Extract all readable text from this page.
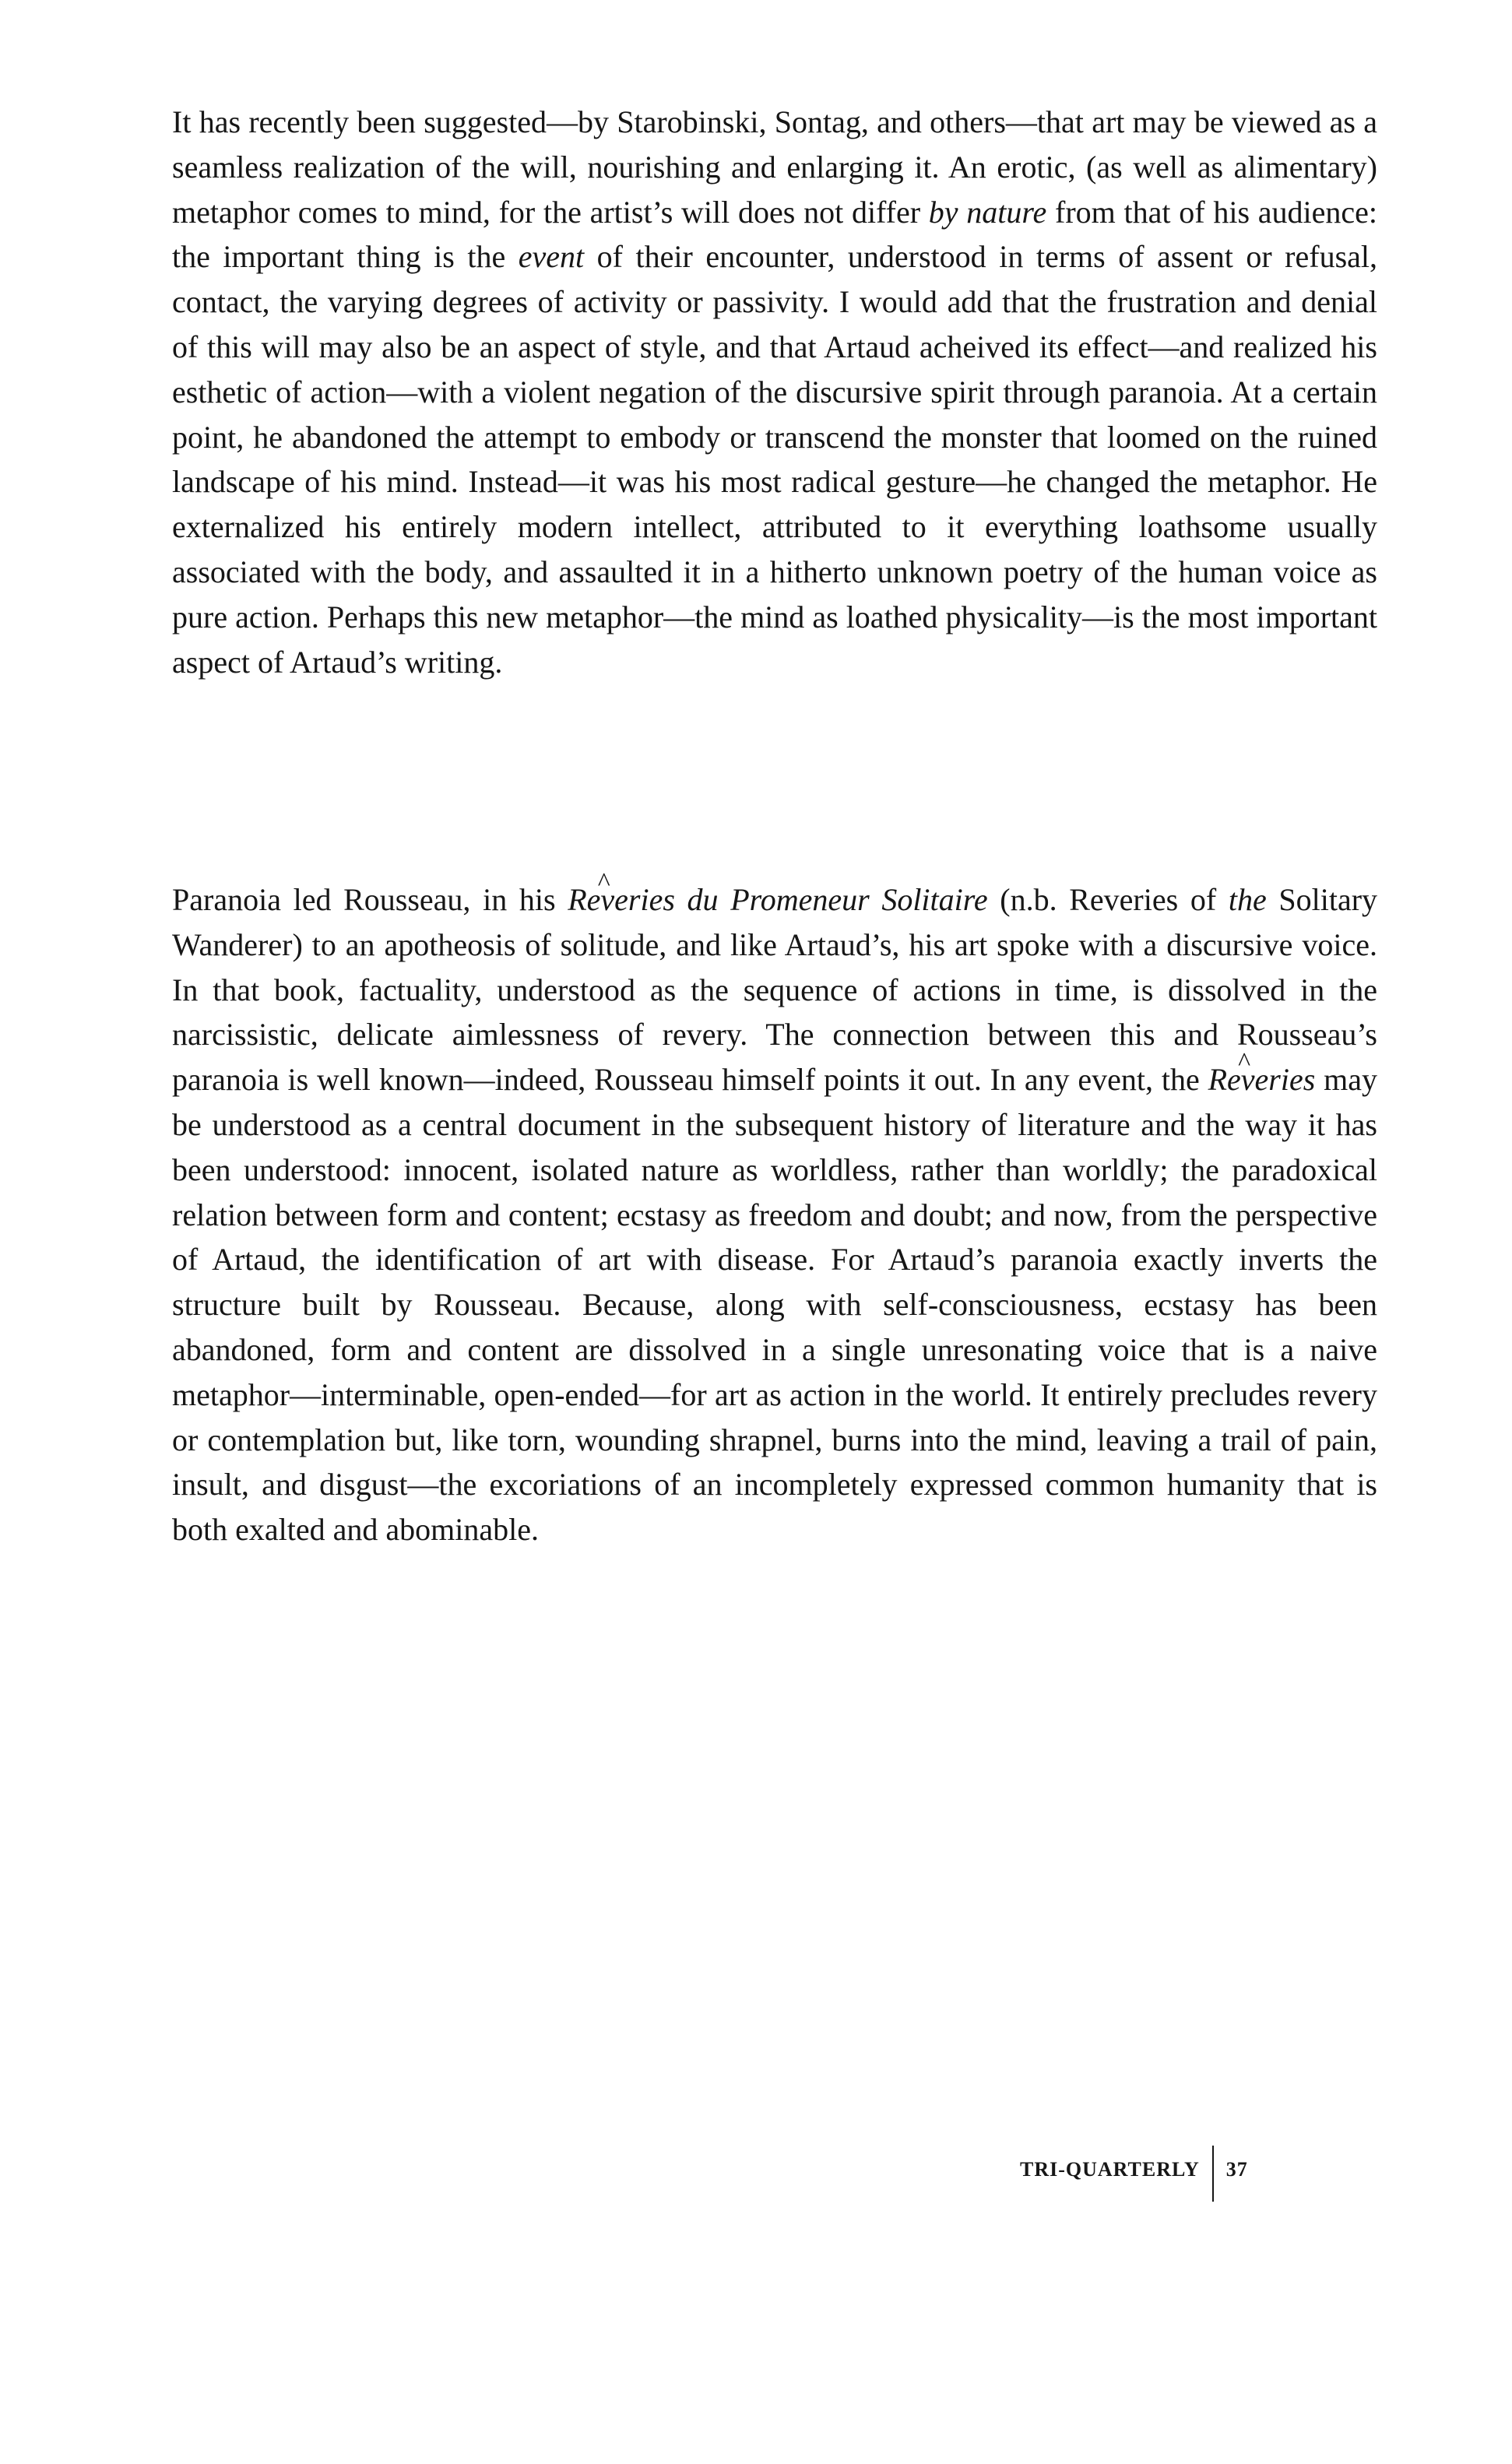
It has recently been suggested—by Starobinski, Sontag, and others—that art may be viewed as a seamless realization of the will, nourishing and enlarging it. An erotic, (as well as alimentary) metaphor comes to mind, for the artist’s will does not differ by nature from that of his audience: the important thing is the event of their encounter, understood in terms of assent or refusal, contact, the varying degrees of activity or passivity. I would add that the frustration and denial of this will may also be an aspect of style, and that Artaud acheived its effect—and realized his esthetic of action—with a violent negation of the discursive spirit through paranoia. At a certain point, he abandoned the attempt to embody or transcend the monster that loomed on the ruined landscape of his mind. Instead—it was his most radical gesture—he changed the metaphor. He externalized his entirely modern intellect, attributed to it everything loathsome usually associated with the body, and assaulted it in a hitherto unknown poetry of the human voice as pure action. Perhaps this new metaphor—the mind as loathed physicality—is the most important aspect of Artaud’s writing.

Paranoia led Rousseau, in his ^ Reveries du Promeneur Solitaire (n.b. Reveries of the Solitary Wanderer) to an apotheosis of solitude, and like Artaud’s, his art spoke with a discursive voice. In that book, factuality, understood as the sequence of actions in time, is dissolved in the narcissistic, delicate aimlessness of revery. The connection between this and Rousseau’s paranoia is well known—indeed, Rousseau himself points it out. In any event, the ^ Reveries may be understood as a central document in the subsequent history of literature and the way it has been understood: innocent, isolated nature as worldless, rather than worldly; the paradoxical relation between form and content; ecstasy as freedom and doubt; and now, from the perspective of Artaud, the identification of art with disease. For Artaud’s paranoia exactly inverts the structure built by Rousseau. Because, along with self-consciousness, ecstasy has been abandoned, form and content are dissolved in a single unresonating voice that is a naive metaphor—interminable, open-ended—for art as action in the world. It entirely precludes revery or contemplation but, like torn, wounding shrapnel, burns into the mind, leaving a trail of pain, insult, and disgust—the excoriations of an incompletely expressed common humanity that is both exalted and abominable.

TRI-QUARTERLY	37
